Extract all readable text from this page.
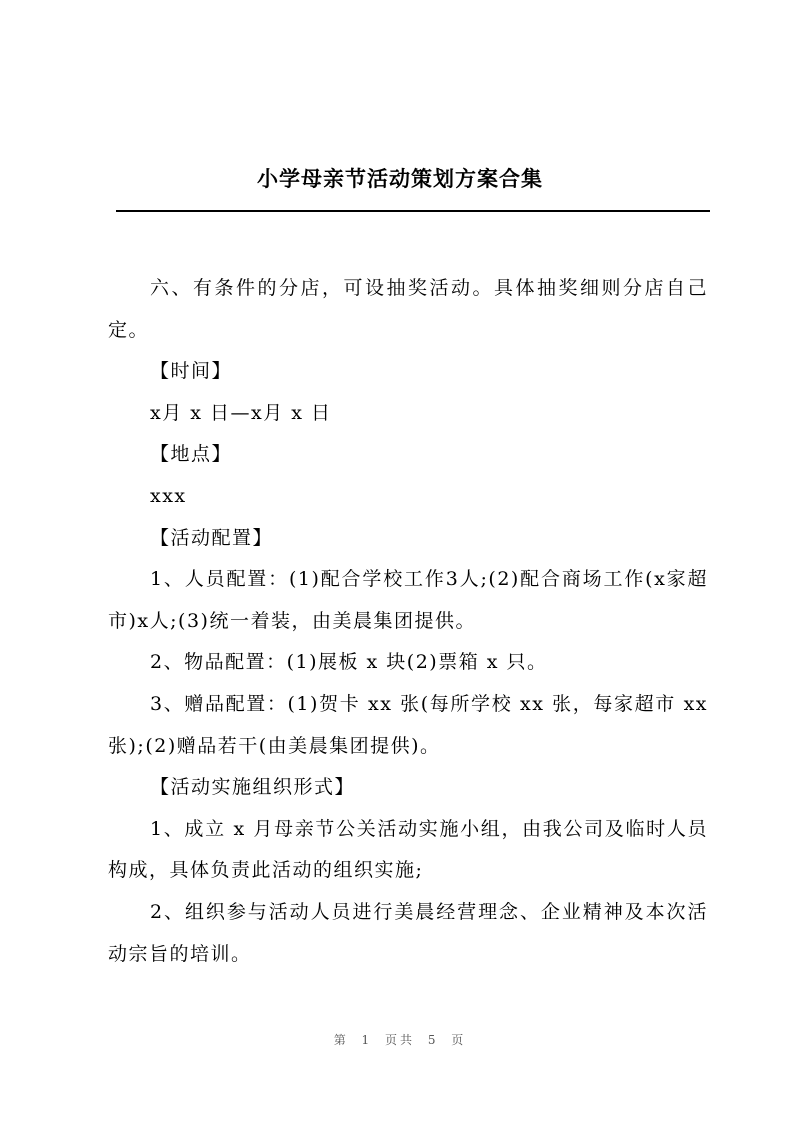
小学母亲节活动策划方案合集

六、有条件的分店，可设抽奖活动。具体抽奖细则分店自己定。

【时间】

x月 x 日—x月 x 日

【地点】

xxx

【活动配置】

1、人员配置：(1)配合学校工作3人;(2)配合商场工作(x家超市)x人;(3)统一着装，由美晨集团提供。

2、物品配置：(1)展板 x 块(2)票箱 x 只。

3、赠品配置：(1)贺卡 xx 张(每所学校 xx 张，每家超市 xx 张);(2)赠品若干(由美晨集团提供)。

【活动实施组织形式】

1、成立 x 月母亲节公关活动实施小组，由我公司及临时人员构成，具体负责此活动的组织实施;

2、组织参与活动人员进行美晨经营理念、企业精神及本次活动宗旨的培训。

第 1 页共 5 页
